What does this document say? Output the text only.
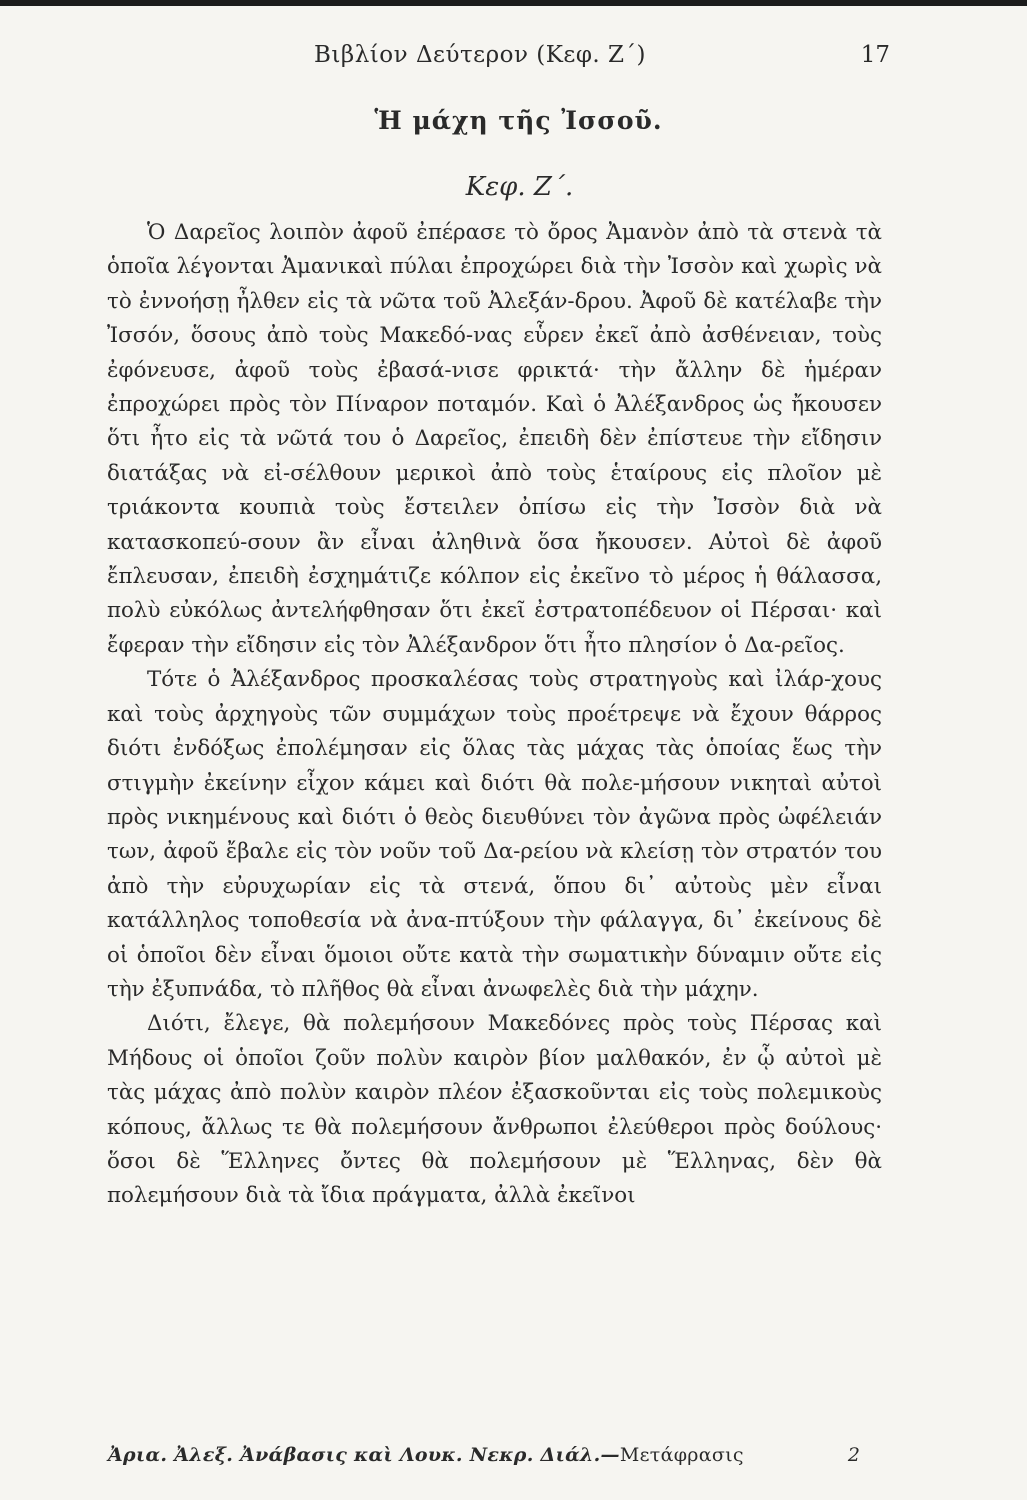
Βιβλίον Δεύτερον (Κεφ. Ζ΄)	17
Ἡ μάχη τῆς Ἰσσοῦ.
Κεφ. Ζ΄.

Ὁ Δαρεῖος λοιπὸν ἀφοῦ ἐπέρασε τὸ ὄρος Ἀμανὸν ἀπὸ τὰ στενὰ τὰ ὁποῖα λέγονται Ἀμανικαὶ πύλαι ἐπροχώρει διὰ τὴν Ἰσσὸν καὶ χωρὶς νὰ τὸ ἐννοήσῃ ἦλθεν εἰς τὰ νῶτα τοῦ Ἀλεξάν-δρου. Ἀφοῦ δὲ κατέλαβε τὴν Ἰσσόν, ὅσους ἀπὸ τοὺς Μακεδό-νας εὗρεν ἐκεῖ ἀπὸ ἀσθένειαν, τοὺς ἐφόνευσε, ἀφοῦ τοὺς ἐβασά-νισε φρικτά· τὴν ἄλλην δὲ ἡμέραν ἐπροχώρει πρὸς τὸν Πίναρον ποταμόν. Καὶ ὁ Ἀλέξανδρος ὡς ἤκουσεν ὅτι ἦτο εἰς τὰ νῶτά του ὁ Δαρεῖος, ἐπειδὴ δὲν ἐπίστευε τὴν εἴδησιν διατάξας νὰ εἰ-σέλθουν μερικοὶ ἀπὸ τοὺς ἑταίρους εἰς πλοῖον μὲ τριάκοντα κουπιὰ τοὺς ἔστειλεν ὀπίσω εἰς τὴν Ἰσσὸν διὰ νὰ κατασκοπεύ-σουν ἂν εἶναι ἀληθινὰ ὅσα ἤκουσεν. Αὐτοὶ δὲ ἀφοῦ ἔπλευσαν, ἐπειδὴ ἐσχημάτιζε κόλπον εἰς ἐκεῖνο τὸ μέρος ἡ θάλασσα, πολὺ εὐκόλως ἀντελήφθησαν ὅτι ἐκεῖ ἐστρατοπέδευον οἱ Πέρσαι· καὶ ἔφεραν τὴν εἴδησιν εἰς τὸν Ἀλέξανδρον ὅτι ἦτο πλησίον ὁ Δα-ρεῖος.

Τότε ὁ Ἀλέξανδρος προσκαλέσας τοὺς στρατηγοὺς καὶ ἰλάρ-χους καὶ τοὺς ἀρχηγοὺς τῶν συμμάχων τοὺς προέτρεψε νὰ ἔχουν θάρρος διότι ἐνδόξως ἐπολέμησαν εἰς ὅλας τὰς μάχας τὰς ὁποίας ἕως τὴν στιγμὴν ἐκείνην εἶχον κάμει καὶ διότι θὰ πολε-μήσουν νικηταὶ αὐτοὶ πρὸς νικημένους καὶ διότι ὁ θεὸς διευθύνει τὸν ἀγῶνα πρὸς ὠφέλειάν των, ἀφοῦ ἔβαλε εἰς τὸν νοῦν τοῦ Δα-ρείου νὰ κλείσῃ τὸν στρατόν του ἀπὸ τὴν εὐρυχωρίαν εἰς τὰ στενά, ὅπου δι᾽ αὐτοὺς μὲν εἶναι κατάλληλος τοποθεσία νὰ ἀνα-πτύξουν τὴν φάλαγγα, δι᾽ ἐκείνους δὲ οἱ ὁποῖοι δὲν εἶναι ὅμοιοι οὔτε κατὰ τὴν σωματικὴν δύναμιν οὔτε εἰς τὴν ἐξυπνάδα, τὸ πλῆθος θὰ εἶναι ἀνωφελὲς διὰ τὴν μάχην.

Διότι, ἔλεγε, θὰ πολεμήσουν Μακεδόνες πρὸς τοὺς Πέρσας καὶ Μήδους οἱ ὁποῖοι ζοῦν πολὺν καιρὸν βίον μαλθακόν, ἐν ᾧ αὐτοὶ μὲ τὰς μάχας ἀπὸ πολὺν καιρὸν πλέον ἐξασκοῦνται εἰς τοὺς πολεμικοὺς κόπους, ἄλλως τε θὰ πολεμήσουν ἄνθρωποι ἐλεύθεροι πρὸς δούλους· ὅσοι δὲ Ἕλληνες ὄντες θὰ πολεμήσουν μὲ Ἕλληνας, δὲν θὰ πολεμήσουν διὰ τὰ ἴδια πράγματα, ἀλλὰ ἐκεῖνοι

Ἀρια. Ἀλεξ. Ἀνάβασις καὶ Λουκ. Νεκρ. Διάλ.—Μετάφρασις	2
